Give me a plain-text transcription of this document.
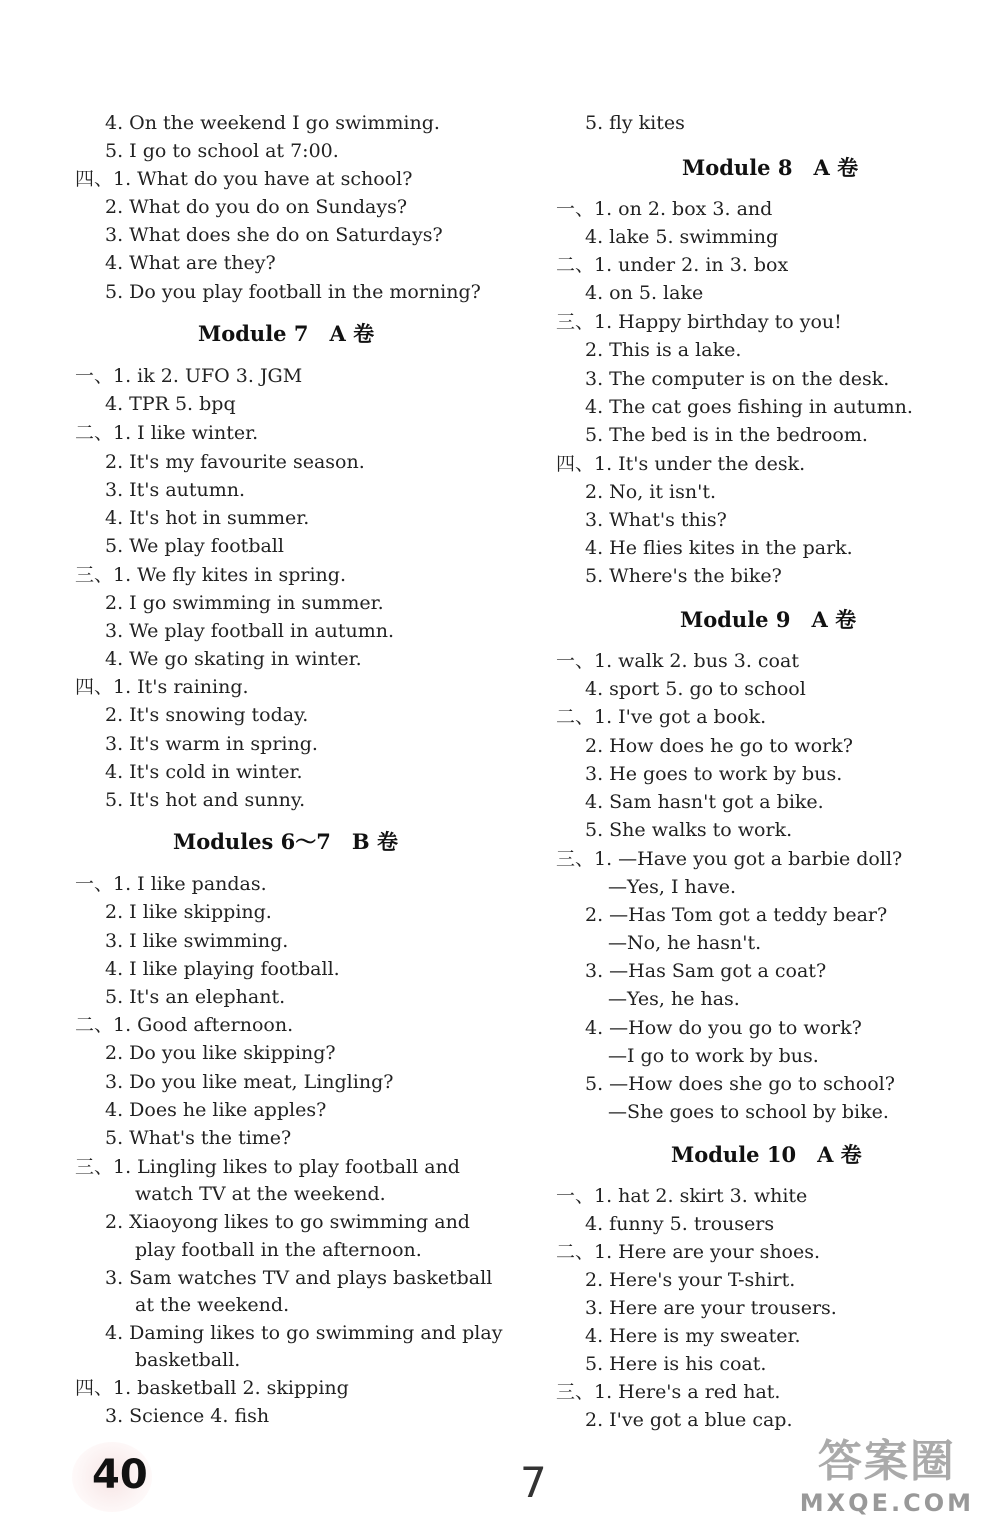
4. On the weekend I go swimming.
5. I go to school at 7:00.
四、1. What do you have at school?
2. What do you do on Sundays?
3. What does she do on Saturdays?
4. What are they?
5. Do you play football in the morning?
一、1. ik 2. UFO 3. JGM
4. TPR 5. bpq
二、1. I like winter.
2. It's my favourite season.
3. It's autumn.
4. It's hot in summer.
5. We play football
三、1. We fly kites in spring.
2. I go swimming in summer.
3. We play football in autumn.
4. We go skating in winter.
四、1. It's raining.
2. It's snowing today.
3. It's warm in spring.
4. It's cold in winter.
5. It's hot and sunny.
一、1. I like pandas.
2. I like skipping.
3. I like swimming.
4. I like playing football.
5. It's an elephant.
二、1. Good afternoon.
2. Do you like skipping?
3. Do you like meat, Lingling?
4. Does he like apples?
5. What's the time?
三、1. Lingling likes to play football and
watch TV at the weekend.
2. Xiaoyong likes to go swimming and
play football in the afternoon.
3. Sam watches TV and plays basketball
at the weekend.
4. Daming likes to go swimming and play
basketball.
四、1. basketball 2. skipping
3. Science 4. fish
Module 7　A 卷
Modules 6～7　B 卷
5. fly kites
一、1. on 2. box 3. and
4. lake 5. swimming
二、1. under 2. in 3. box
4. on 5. lake
三、1. Happy birthday to you!
2. This is a lake.
3. The computer is on the desk.
4. The cat goes fishing in autumn.
5. The bed is in the bedroom.
四、1. It's under the desk.
2. No, it isn't.
3. What's this?
4. He flies kites in the park.
5. Where's the bike?
一、1. walk 2. bus 3. coat
4. sport 5. go to school
二、1. I've got a book.
2. How does he go to work?
3. He goes to work by bus.
4. Sam hasn't got a bike.
5. She walks to work.
三、1. —Have you got a barbie doll?
—Yes, I have.
2. —Has Tom got a teddy bear?
—No, he hasn't.
3. —Has Sam got a coat?
—Yes, he has.
4. —How do you go to work?
—I go to work by bus.
5. —How does she go to school?
—She goes to school by bike.
一、1. hat 2. skirt 3. white
4. funny 5. trousers
二、1. Here are your shoes.
2. Here's your T-shirt.
3. Here are your trousers.
4. Here is my sweater.
5. Here is his coat.
三、1. Here's a red hat.
2. I've got a blue cap.
Module 8　A 卷
Module 9　A 卷
Module 10　A 卷
40	7	答案圈
MXQE.COM
